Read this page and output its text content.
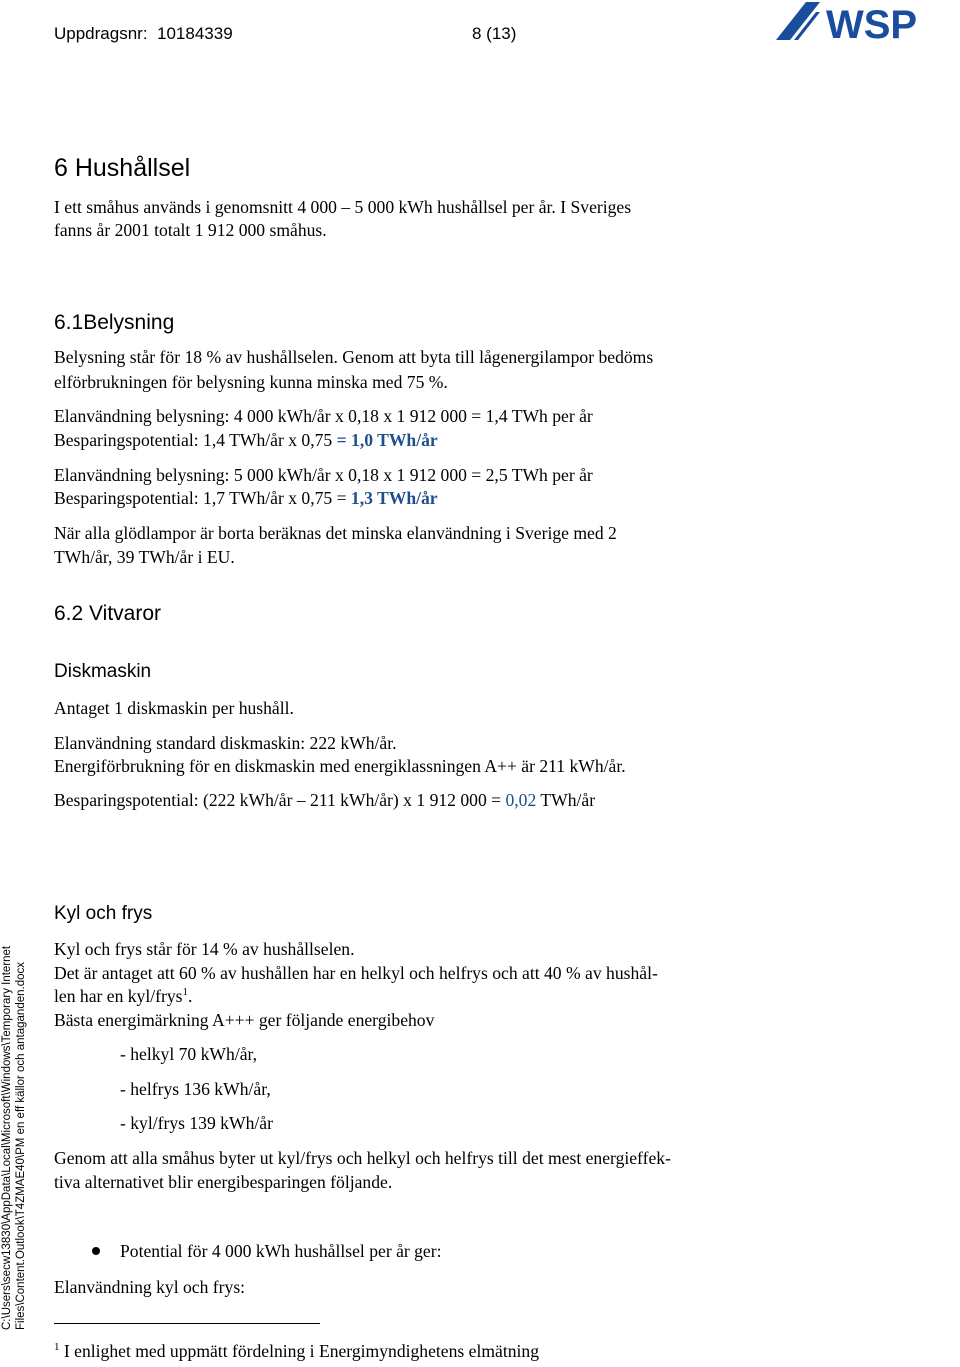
Uppdragsnr: 10184339	8 (13)	WSP
C:\Users\secw13830\AppData\Local\Microsoft\Windows\Temporary Internet Files\Content.Outlook\T4ZMAE40\PM en eff källor och antaganden.docx
6 Hushållsel
I ett småhus används i genomsnitt 4 000 – 5 000 kWh hushållsel per år. I Sveriges
fanns år 2001 totalt 1 912 000 småhus.
6.1Belysning
Belysning står för 18 % av hushållselen. Genom att byta till lågenergilampor bedöms
elförbrukningen för belysning kunna minska med 75 %.
Elanvändning belysning: 4 000 kWh/år x 0,18 x 1 912 000 = 1,4 TWh per år
Besparingspotential: 1,4 TWh/år x 0,75 = 1,0 TWh/år
Elanvändning belysning: 5 000 kWh/år x 0,18 x 1 912 000 = 2,5 TWh per år
Besparingspotential: 1,7 TWh/år x 0,75 = 1,3 TWh/år
När alla glödlampor är borta beräknas det minska elanvändning i Sverige med 2
TWh/år, 39 TWh/år i EU.
6.2 Vitvaror
Diskmaskin
Antaget 1 diskmaskin per hushåll.
Elanvändning standard diskmaskin: 222 kWh/år.
Energiförbrukning för en diskmaskin med energiklassningen A++ är 211 kWh/år.
Besparingspotential: (222 kWh/år – 211 kWh/år) x 1 912 000 = 0,02 TWh/år
Kyl och frys
Kyl och frys står för 14 % av hushållselen.
Det är antaget att 60 % av hushållen har en helkyl och helfrys och att 40 % av hushål-
len har en kyl/frys$^1$.
Bästa energimärkning A+++ ger följande energibehov
- helkyl 70 kWh/år,
- helfrys 136 kWh/år,
- kyl/frys 139 kWh/år
Genom att alla småhus byter ut kyl/frys och helkyl och helfrys till det mest energieffek-
tiva alternativet blir energibesparingen följande.
Potential för 4 000 kWh hushållsel per år ger:
Elanvändning kyl och frys:
$^1$ I enlighet med uppmätt fördelning i Energimyndighetens elmätning
